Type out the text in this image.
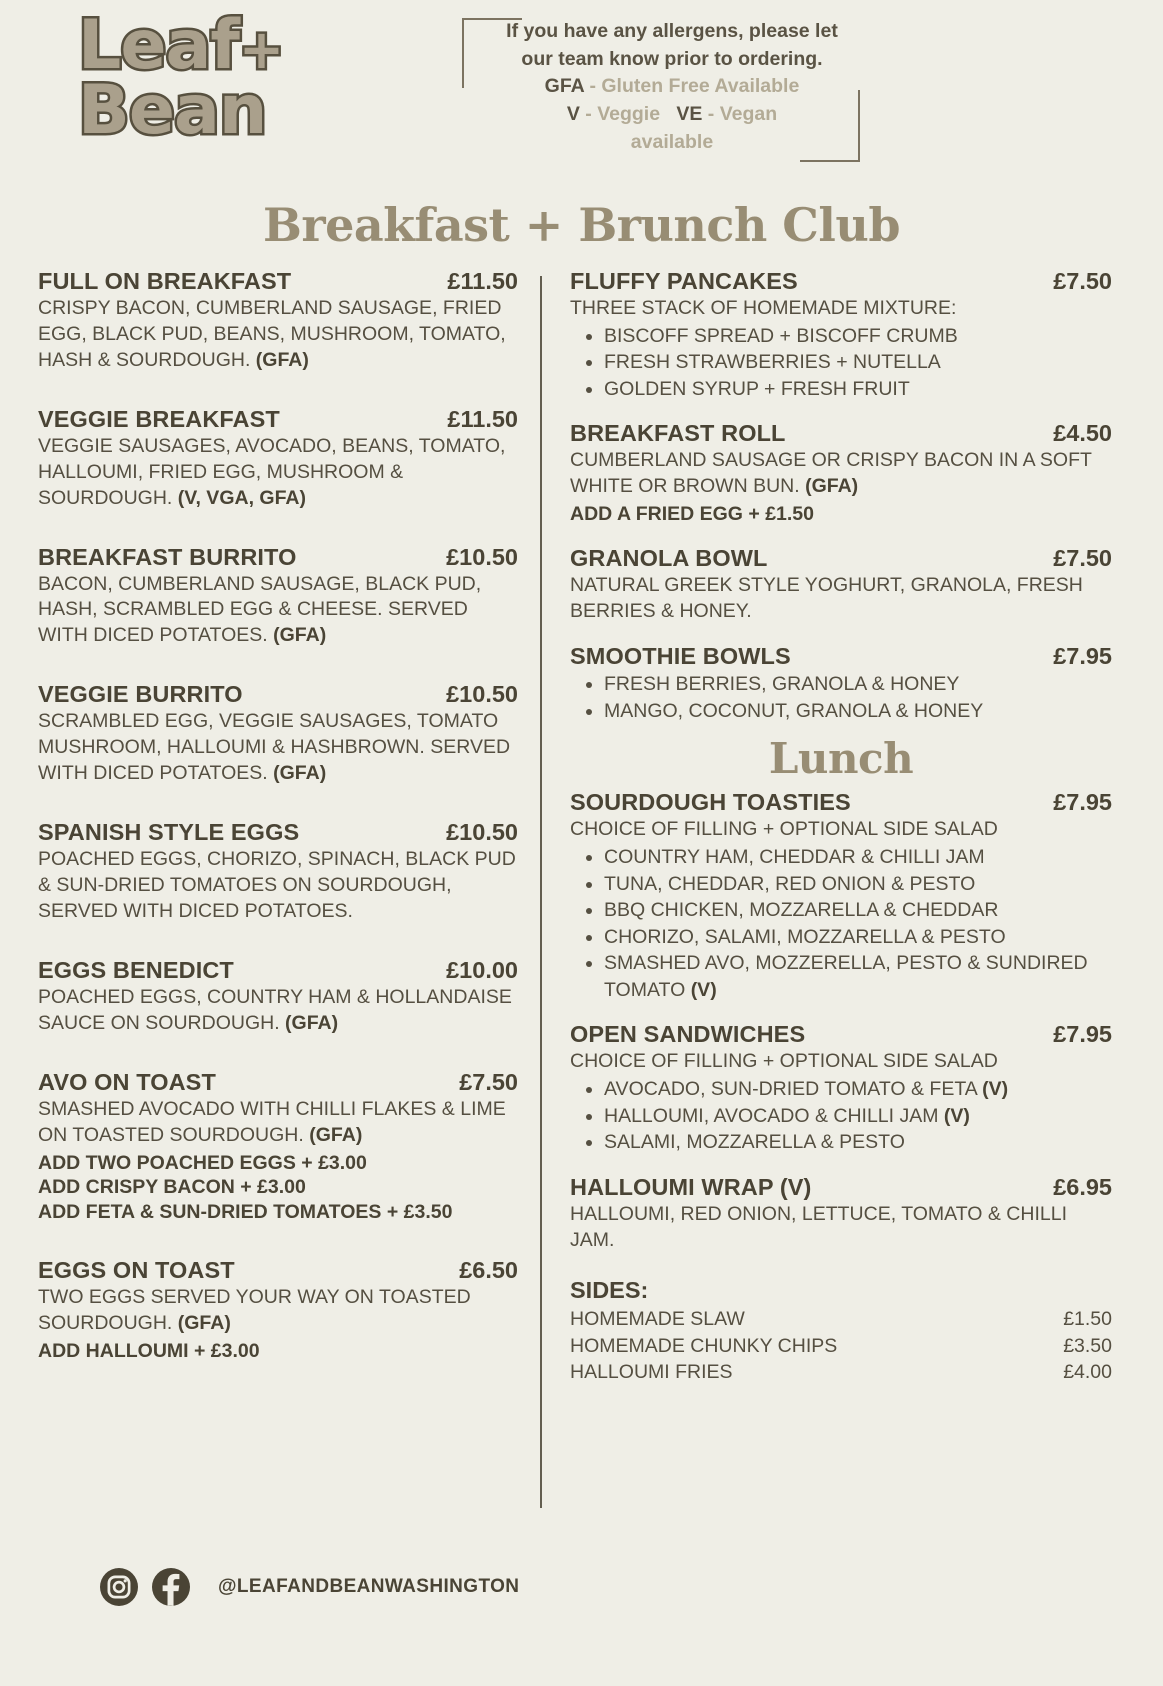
Leaf+
Bean
If you have any allergens, please let
our team know prior to ordering.
GFA - Gluten Free Available
V - Veggie VE - Vegan
available
Breakfast + Brunch Club
FULL ON BREAKFAST	£11.50
CRISPY BACON, CUMBERLAND SAUSAGE, FRIED EGG, BLACK PUD, BEANS, MUSHROOM, TOMATO, HASH & SOURDOUGH. (GFA)
VEGGIE BREAKFAST	£11.50
VEGGIE SAUSAGES, AVOCADO, BEANS, TOMATO, HALLOUMI, FRIED EGG, MUSHROOM & SOURDOUGH. (V, VGA, GFA)
BREAKFAST BURRITO	£10.50
BACON, CUMBERLAND SAUSAGE, BLACK PUD, HASH, SCRAMBLED EGG & CHEESE. SERVED WITH DICED POTATOES. (GFA)
VEGGIE BURRITO	£10.50
SCRAMBLED EGG, VEGGIE SAUSAGES, TOMATO MUSHROOM, HALLOUMI & HASHBROWN. SERVED WITH DICED POTATOES. (GFA)
SPANISH STYLE EGGS	£10.50
POACHED EGGS, CHORIZO, SPINACH, BLACK PUD & SUN-DRIED TOMATOES ON SOURDOUGH, SERVED WITH DICED POTATOES.
EGGS BENEDICT	£10.00
POACHED EGGS, COUNTRY HAM & HOLLANDAISE SAUCE ON SOURDOUGH. (GFA)
AVO ON TOAST	£7.50
SMASHED AVOCADO WITH CHILLI FLAKES & LIME ON TOASTED SOURDOUGH. (GFA)
ADD TWO POACHED EGGS + £3.00
ADD CRISPY BACON + £3.00
ADD FETA & SUN-DRIED TOMATOES + £3.50
EGGS ON TOAST	£6.50
TWO EGGS SERVED YOUR WAY ON TOASTED SOURDOUGH. (GFA)
ADD HALLOUMI + £3.00
FLUFFY PANCAKES	£7.50
THREE STACK OF HOMEMADE MIXTURE:
BISCOFF SPREAD + BISCOFF CRUMB
FRESH STRAWBERRIES + NUTELLA
GOLDEN SYRUP + FRESH FRUIT
BREAKFAST ROLL	£4.50
CUMBERLAND SAUSAGE OR CRISPY BACON IN A SOFT WHITE OR BROWN BUN. (GFA)
ADD A FRIED EGG + £1.50
GRANOLA BOWL	£7.50
NATURAL GREEK STYLE YOGHURT, GRANOLA, FRESH BERRIES & HONEY.
SMOOTHIE BOWLS	£7.95
FRESH BERRIES, GRANOLA & HONEY
MANGO, COCONUT, GRANOLA & HONEY
Lunch
SOURDOUGH TOASTIES	£7.95
CHOICE OF FILLING + OPTIONAL SIDE SALAD
COUNTRY HAM, CHEDDAR & CHILLI JAM
TUNA, CHEDDAR, RED ONION & PESTO
BBQ CHICKEN, MOZZARELLA & CHEDDAR
CHORIZO, SALAMI, MOZZARELLA & PESTO
SMASHED AVO, MOZZERELLA, PESTO & SUNDIRED TOMATO (V)
OPEN SANDWICHES	£7.95
CHOICE OF FILLING + OPTIONAL SIDE SALAD
AVOCADO, SUN-DRIED TOMATO & FETA (V)
HALLOUMI, AVOCADO & CHILLI JAM (V)
SALAMI, MOZZARELLA & PESTO
HALLOUMI WRAP (V)	£6.95
HALLOUMI, RED ONION, LETTUCE, TOMATO & CHILLI JAM.
SIDES:
HOMEMADE SLAW	£1.50
HOMEMADE CHUNKY CHIPS	£3.50
HALLOUMI FRIES	£4.00
@LEAFANDBEANWASHINGTON
